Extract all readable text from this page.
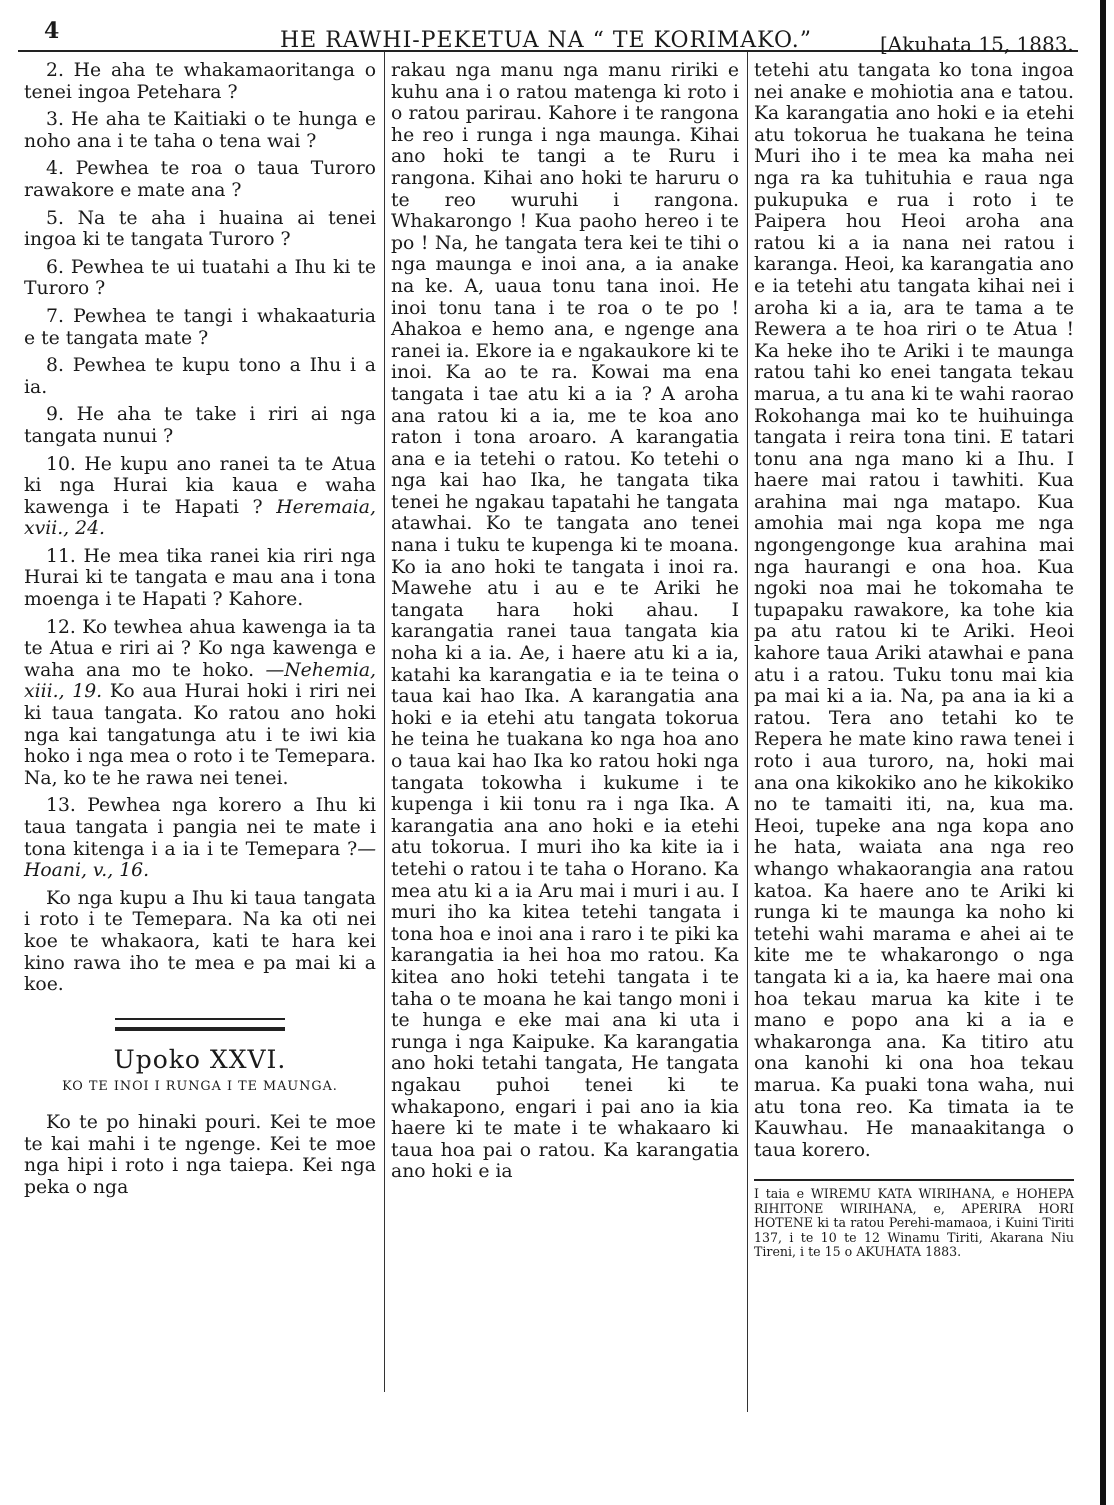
4	HE RAWHI-PEKETUA NA “ TE KORIMAKO.”	[Akuhata 15, 1883.

2. He aha te whakamaoritanga o tenei ingoa Petehara ?

3. He aha te Kaitiaki o te hunga e noho ana i te taha o tena wai ?

4. Pewhea te roa o taua Turoro rawakore e mate ana ?

5. Na te aha i huaina ai tenei ingoa ki te tangata Turoro ?

6. Pewhea te ui tuatahi a Ihu ki te Turoro ?

7. Pewhea te tangi i whakaaturia e te tangata mate ?

8. Pewhea te kupu tono a Ihu i a ia.

9. He aha te take i riri ai nga tangata nunui ?

10. He kupu ano ranei ta te Atua ki nga Hurai kia kaua e waha kawenga i te Hapati ? Heremaia, xvii., 24.

11. He mea tika ranei kia riri nga Hurai ki te tangata e mau ana i tona moenga i te Hapati ? Kahore.

12. Ko tewhea ahua kawenga ia ta te Atua e riri ai ? Ko nga kawenga e waha ana mo te hoko. —Nehemia, xiii., 19. Ko aua Hurai hoki i riri nei ki taua tangata. Ko ratou ano hoki nga kai tangatunga atu i te iwi kia hoko i nga mea o roto i te Temepara. Na, ko te he rawa nei tenei.

13. Pewhea nga korero a Ihu ki taua tangata i pangia nei te mate i tona kitenga i a ia i te Temepara ?—Hoani, v., 16.

Ko nga kupu a Ihu ki taua tangata i roto i te Temepara. Na ka oti nei koe te whakaora, kati te hara kei kino rawa iho te mea e pa mai ki a koe.

Upoko XXVI.

KO TE INOI I RUNGA I TE MAUNGA.

Ko te po hinaki pouri. Kei te moe te kai mahi i te ngenge. Kei te moe nga hipi i roto i nga taiepa. Kei nga peka o nga

rakau nga manu nga manu ririki e kuhu ana i o ratou matenga ki roto i o ratou parirau. Kahore i te rangona he reo i runga i nga maunga. Kihai ano hoki te tangi a te Ruru i rangona. Kihai ano hoki te haruru o te reo wuruhi i rangona. Whakarongo ! Kua paoho hereo i te po ! Na, he tangata tera kei te tihi o nga maunga e inoi ana, a ia anake na ke. A, uaua tonu tana inoi. He inoi tonu tana i te roa o te po ! Ahakoa e hemo ana, e ngenge ana ranei ia. Ekore ia e ngakaukore ki te inoi. Ka ao te ra. Kowai ma ena tangata i tae atu ki a ia ? A aroha ana ratou ki a ia, me te koa ano raton i tona aroaro. A karangatia ana e ia tetehi o ratou. Ko tetehi o nga kai hao Ika, he tangata tika tenei he ngakau tapatahi he tangata atawhai. Ko te tangata ano tenei nana i tuku te kupenga ki te moana. Ko ia ano hoki te tangata i inoi ra. Mawehe atu i au e te Ariki he tangata hara hoki ahau. I karangatia ranei taua tangata kia noha ki a ia. Ae, i haere atu ki a ia, katahi ka karangatia e ia te teina o taua kai hao Ika. A karangatia ana hoki e ia etehi atu tangata tokorua he teina he tuakana ko nga hoa ano o taua kai hao Ika ko ratou hoki nga tangata tokowha i kukume i te kupenga i kii tonu ra i nga Ika. A karangatia ana ano hoki e ia etehi atu tokorua. I muri iho ka kite ia i tetehi o ratou i te taha o Horano. Ka mea atu ki a ia Aru mai i muri i au. I muri iho ka kitea tetehi tangata i tona hoa e inoi ana i raro i te piki ka karangatia ia hei hoa mo ratou. Ka kitea ano hoki tetehi tangata i te taha o te moana he kai tango moni i te hunga e eke mai ana ki uta i runga i nga Kaipuke. Ka karangatia ano hoki tetahi tangata, He tangata ngakau puhoi tenei ki te whakapono, engari i pai ano ia kia haere ki te mate i te whakaaro ki taua hoa pai o ratou. Ka karangatia ano hoki e ia

tetehi atu tangata ko tona ingoa nei anake e mohiotia ana e tatou. Ka karangatia ano hoki e ia etehi atu tokorua he tuakana he teina Muri iho i te mea ka maha nei nga ra ka tuhituhia e raua nga pukupuka e rua i roto i te Paipera hou Heoi aroha ana ratou ki a ia nana nei ratou i karanga. Heoi, ka karangatia ano e ia tetehi atu tangata kihai nei i aroha ki a ia, ara te tama a te Rewera a te hoa riri o te Atua ! Ka heke iho te Ariki i te maunga ratou tahi ko enei tangata tekau marua, a tu ana ki te wahi raorao Rokohanga mai ko te huihuinga tangata i reira tona tini. E tatari tonu ana nga mano ki a Ihu. I haere mai ratou i tawhiti. Kua arahina mai nga matapo. Kua amohia mai nga kopa me nga ngongengonge kua arahina mai nga haurangi e ona hoa. Kua ngoki noa mai he tokomaha te tupapaku rawakore, ka tohe kia pa atu ratou ki te Ariki. Heoi kahore taua Ariki atawhai e pana atu i a ratou. Tuku tonu mai kia pa mai ki a ia. Na, pa ana ia ki a ratou. Tera ano tetahi ko te Repera he mate kino rawa tenei i roto i aua turoro, na, hoki mai ana ona kikokiko ano he kikokiko no te tamaiti iti, na, kua ma. Heoi, tupeke ana nga kopa ano he hata, waiata ana nga reo whango whakaorangia ana ratou katoa. Ka haere ano te Ariki ki runga ki te maunga ka noho ki tetehi wahi marama e ahei ai te kite me te whakarongo o nga tangata ki a ia, ka haere mai ona hoa tekau marua ka kite i te mano e popo ana ki a ia e whakaronga ana. Ka titiro atu ona kanohi ki ona hoa tekau marua. Ka puaki tona waha, nui atu tona reo. Ka timata ia te Kauwhau. He manaakitanga o taua korero.

I taia e WIREMU KATA WIRIHANA, e HOHEPA RIHITONE WIRIHANA, e, APERIRA HORI HOTENE ki ta ratou Perehi-mamaoa, i Kuini Tiriti 137, i te 10 te 12 Winamu Tiriti, Akarana Niu Tireni, i te 15 o AKUHATA 1883.
